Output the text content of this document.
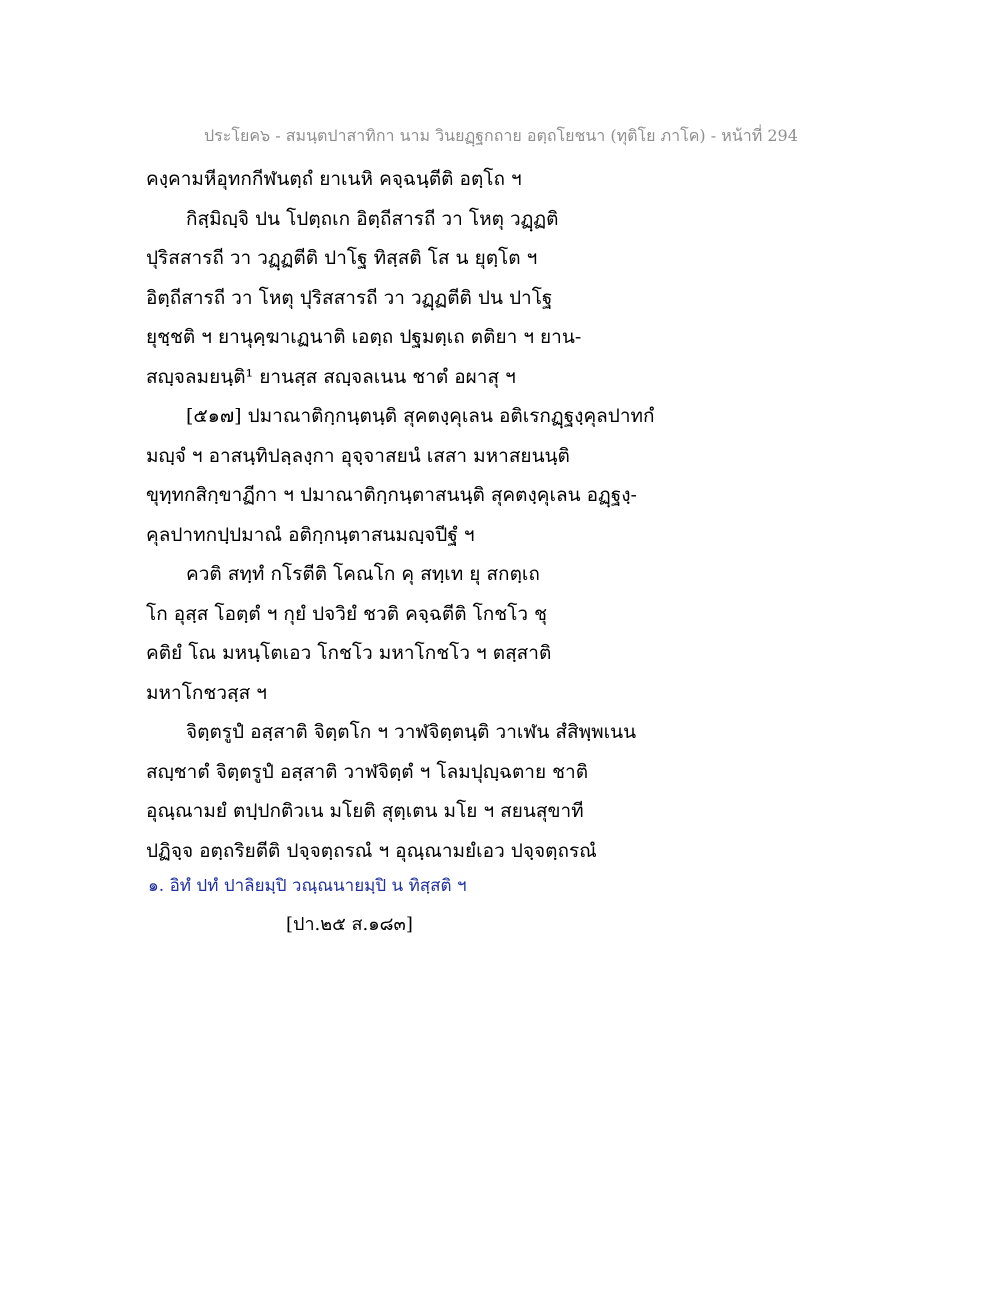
ประโยค๖ - สมนฺตปาสาทิกา นาม วินยฏฺฐกถาย อตฺถโยชนา (ทุติโย ภาโค) - หน้าที่ 294
คงฺคามหีอุทกกีฬนตฺถํ ยาเนหิ คจฺฉนฺตีติ อตฺโถ ฯ
กิสฺมิญฺจิ ปน โปตฺถเก อิตฺถีสารถี วา โหตุ วฏฺฏติ
ปุริสสารถี วา วฏฺฏตีติ ปาโฐ ทิสฺสติ โส น ยุตฺโต ฯ
อิตฺถีสารถี วา โหตุ ปุริสสารถี วา วฏฺฏตีติ ปน ปาโฐ
ยุชฺชติ ฯ ยานุคฺฆาเฏนาติ เอตฺถ ปฐมตฺเถ ตติยา ฯ ยาน-
สญฺจลมยนฺติ¹ ยานสฺส สญฺจลเนน ชาตํ อผาสุ ฯ
[๕๑๗] ปมาณาติกฺกนฺตนฺติ สุคตงฺคุเลน อติเรกฏฺฐงฺคุลปาทกํ
มญฺจํ ฯ อาสนฺทิปลฺลงฺกา อุจฺจาสยนํ เสสา มหาสยนนฺติ
ขุทฺทกสิกฺขาฏีกา ฯ ปมาณาติกฺกนฺตาสนนฺติ สุคตงฺคุเลน อฏฺฐงฺ-
คุลปาทกปฺปมาณํ อติกฺกนฺตาสนมญฺจปีฐํ ฯ
ควติ สทฺทํ กโรตีติ โคณโก คุ สทฺเท ยุ สกตฺเถ
โก อุสฺส โอตฺตํ ฯ กุยํ ปจวิยํ ชวติ คจฺฉตีติ โกชโว ชุ
คติยํ โณ มหนฺโตเอว โกชโว มหาโกชโว ฯ ตสฺสาติ
มหาโกชวสฺส ฯ
จิตฺตรูปํ อสฺสาติ จิตฺตโก ฯ วาฬจิตฺตนฺติ วาเฬน สํสิพฺพเนน
สญฺชาตํ จิตฺตรูปํ อสฺสาติ วาฬจิตฺตํ ฯ โลมปุญฺฉตาย ชาติ
อุณฺณามยํ ตปฺปกติวเน มโยติ สุตฺเตน มโย ฯ สยนสุขาที
ปฏิจฺจ อตฺถริยตีติ ปจฺจตฺถรณํ ฯ อุณฺณามยํเอว ปจฺจตฺถรณํ
๑. อิทํ ปทํ ปาลิยมฺปิ วณฺณนายมฺปิ น ทิสฺสติ ฯ
[ปา.๒๕ ส.๑๘๓]
